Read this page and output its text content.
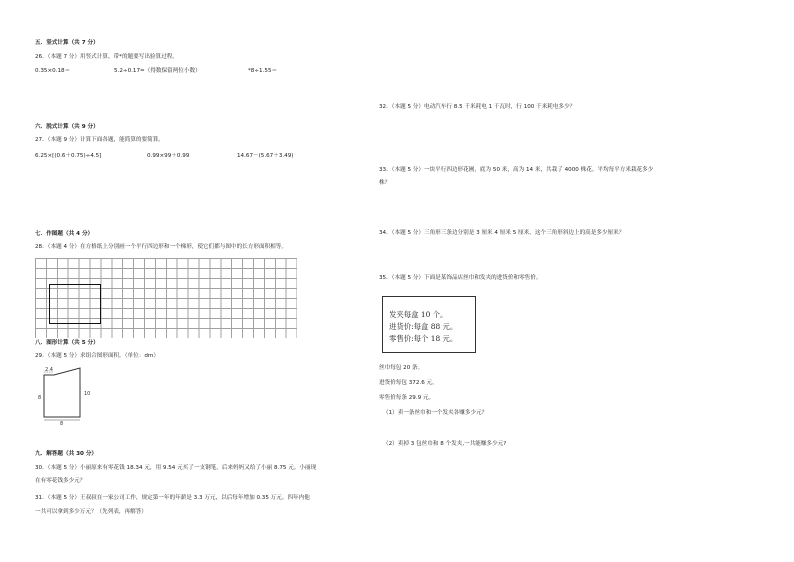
五．竖式计算（共 7 分）
26．（本题 7 分）用竖式计算，带*的题要写出验算过程。
0.35×0.18＝	5.2÷0.17≈（得数保留两位小数）	*8÷1.55＝
六．脱式计算（共 9 分）
27．（本题 9 分）计算下面各题，能简算的要简算。
6.25×[(0.6＋0.75)÷4.5]	0.99×99＋0.99	14.67－(5.67＋3.49)
七．作图题（共 4 分）
28．（本题 4 分）在方格纸上分别画一个平行四边形和一个梯形，使它们都与图中的长方形面积相等。
八．图形计算（共 5 分）
29．（本题 5 分）求组合图形面积。（单位：dm）
2.4
8
10
8
九．解答题（共 30 分）
30．（本题 5 分）小丽原来有零花钱 18.34 元，用 9.54 元买了一支钢笔，后来妈妈又给了小丽 8.75 元。小丽现
在有零花钱多少元？
31．（本题 5 分）王叔叔在一家公司工作，规定第一年的年薪是 3.3 万元，以后每年增加 0.35 万元。四年内他
一共可以拿到多少万元？（先列表，再解答）
32．（本题 5 分）电动汽车行 8.5 千米耗电 1 千瓦时，行 100 千米耗电多少？
33．（本题 5 分）一块平行四边形花圃，底为 50 米，高为 14 米，共栽了 4000 株花。平均每平方米栽花多少
株？
34．（本题 5 分）三角形三条边分别是 3 厘米 4 厘米 5 厘米，这个三角形斜边上的高是多少厘米？
35．（本题 5 分）下面是某饰品店丝巾和发夹的进货价和零售价。
发夹每盒 10 个。
进货价:每盒 88 元。
零售价:每个 18 元。
丝巾每包 20 条。
进货价每包 372.6 元。
零售价每条 29.9 元。
（1）卖一条丝巾和一个发夹各赚多少元？
（2）卖掉 3 包丝巾和 8 个发夹,一共能赚多少元?
